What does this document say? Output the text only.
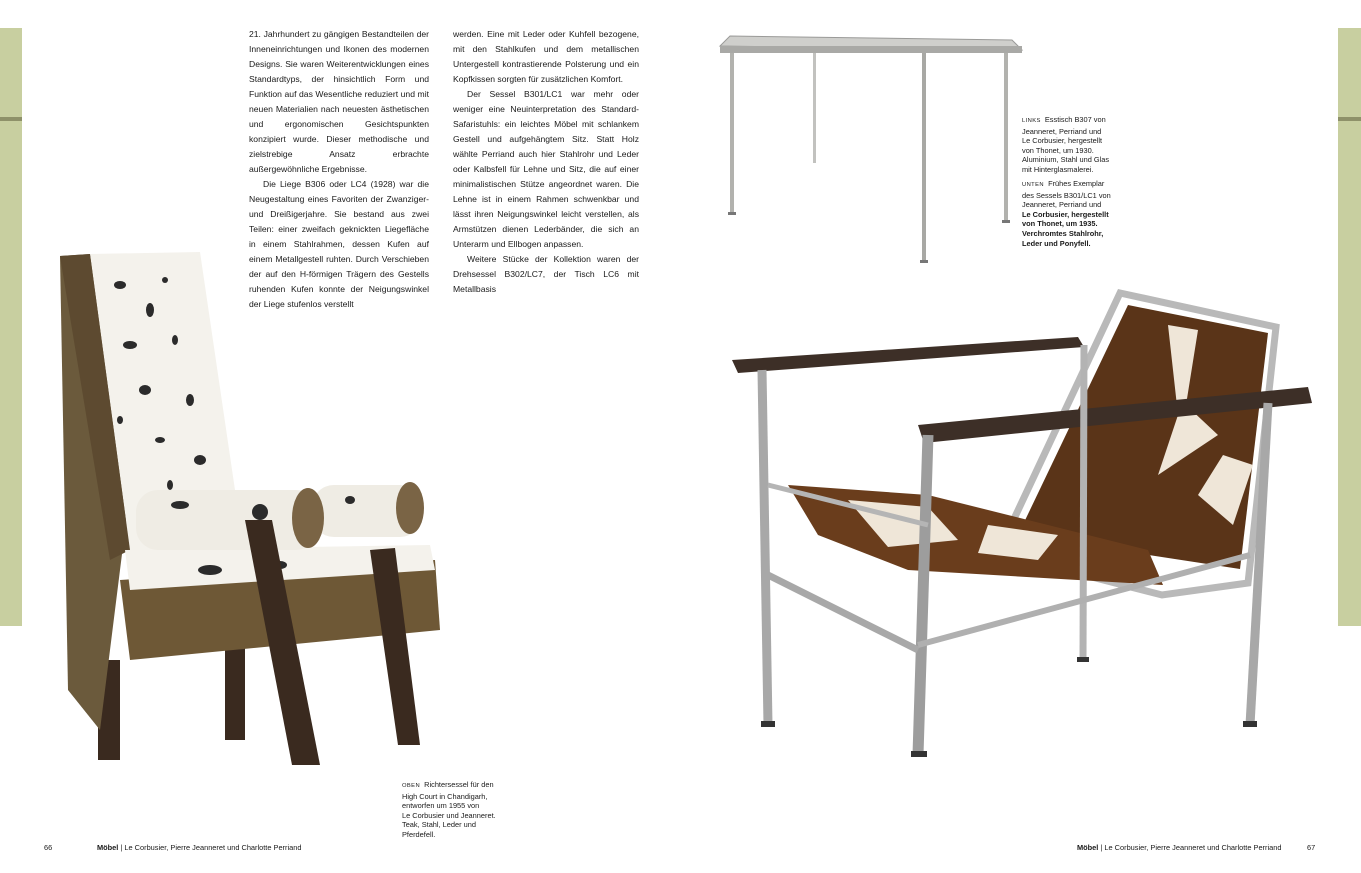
21. Jahrhundert zu gängigen Bestandteilen der Inneneinrichtungen und Ikonen des modernen Designs. Sie waren Weiterentwicklungen eines Standardtyps, der hinsichtlich Form und Funktion auf das Wesentliche reduziert und mit neuen Materialien nach neuesten ästhetischen und ergonomischen Gesichtspunkten konzipiert wurde. Dieser methodische und zielstrebige Ansatz erbrachte außergewöhnliche Ergebnisse.

Die Liege B306 oder LC4 (1928) war die Neugestaltung eines Favoriten der Zwanziger- und Dreißigerjahre. Sie bestand aus zwei Teilen: einer zweifach geknickten Liegefläche in einem Stahlrahmen, dessen Kufen auf einem Metallgestell ruhten. Durch Verschieben der auf den H-förmigen Trägern des Gestells ruhenden Kufen konnte der Neigungswinkel der Liege stufenlos verstellt

werden. Eine mit Leder oder Kuhfell bezogene, mit den Stahlkufen und dem metallischen Untergestell kontrastierende Polsterung und ein Kopfkissen sorgten für zusätzlichen Komfort.

Der Sessel B301/LC1 war mehr oder weniger eine Neuinterpretation des Standard-Safaristuhls: ein leichtes Möbel mit schlankem Gestell und aufgehängtem Sitz. Statt Holz wählte Perriand auch hier Stahlrohr und Leder oder Kalbsfell für Lehne und Sitz, die auf einer minimalistischen Stütze angeordnet waren. Die Lehne ist in einem Rahmen schwenkbar und lässt ihren Neigungswinkel leicht verstellen, als Armstützen dienen Lederbänder, die sich an Unterarm und Ellbogen anpassen.

Weitere Stücke der Kollektion waren der Drehsessel B302/LC7, der Tisch LC6 mit Metallbasis

OBEN Richtersessel für den
High Court in Chandigarh,
entworfen um 1955 von
Le Corbusier und Jeanneret.
Teak, Stahl, Leder und
Pferdefell.
LINKS Esstisch B307 von
Jeanneret, Perriand und
Le Corbusier, hergestellt
von Thonet, um 1930.
Aluminium, Stahl und Glas
mit Hinterglasmalerei.
UNTEN Frühes Exemplar
des Sessels B301/LC1 von
Jeanneret, Perriand und
Le Corbusier, hergestellt
von Thonet, um 1935.
Verchromtes Stahlrohr,
Leder und Ponyfell.
66	Möbel | Le Corbusier, Pierre Jeanneret und Charlotte Perriand	Möbel | Le Corbusier, Pierre Jeanneret und Charlotte Perriand	67
